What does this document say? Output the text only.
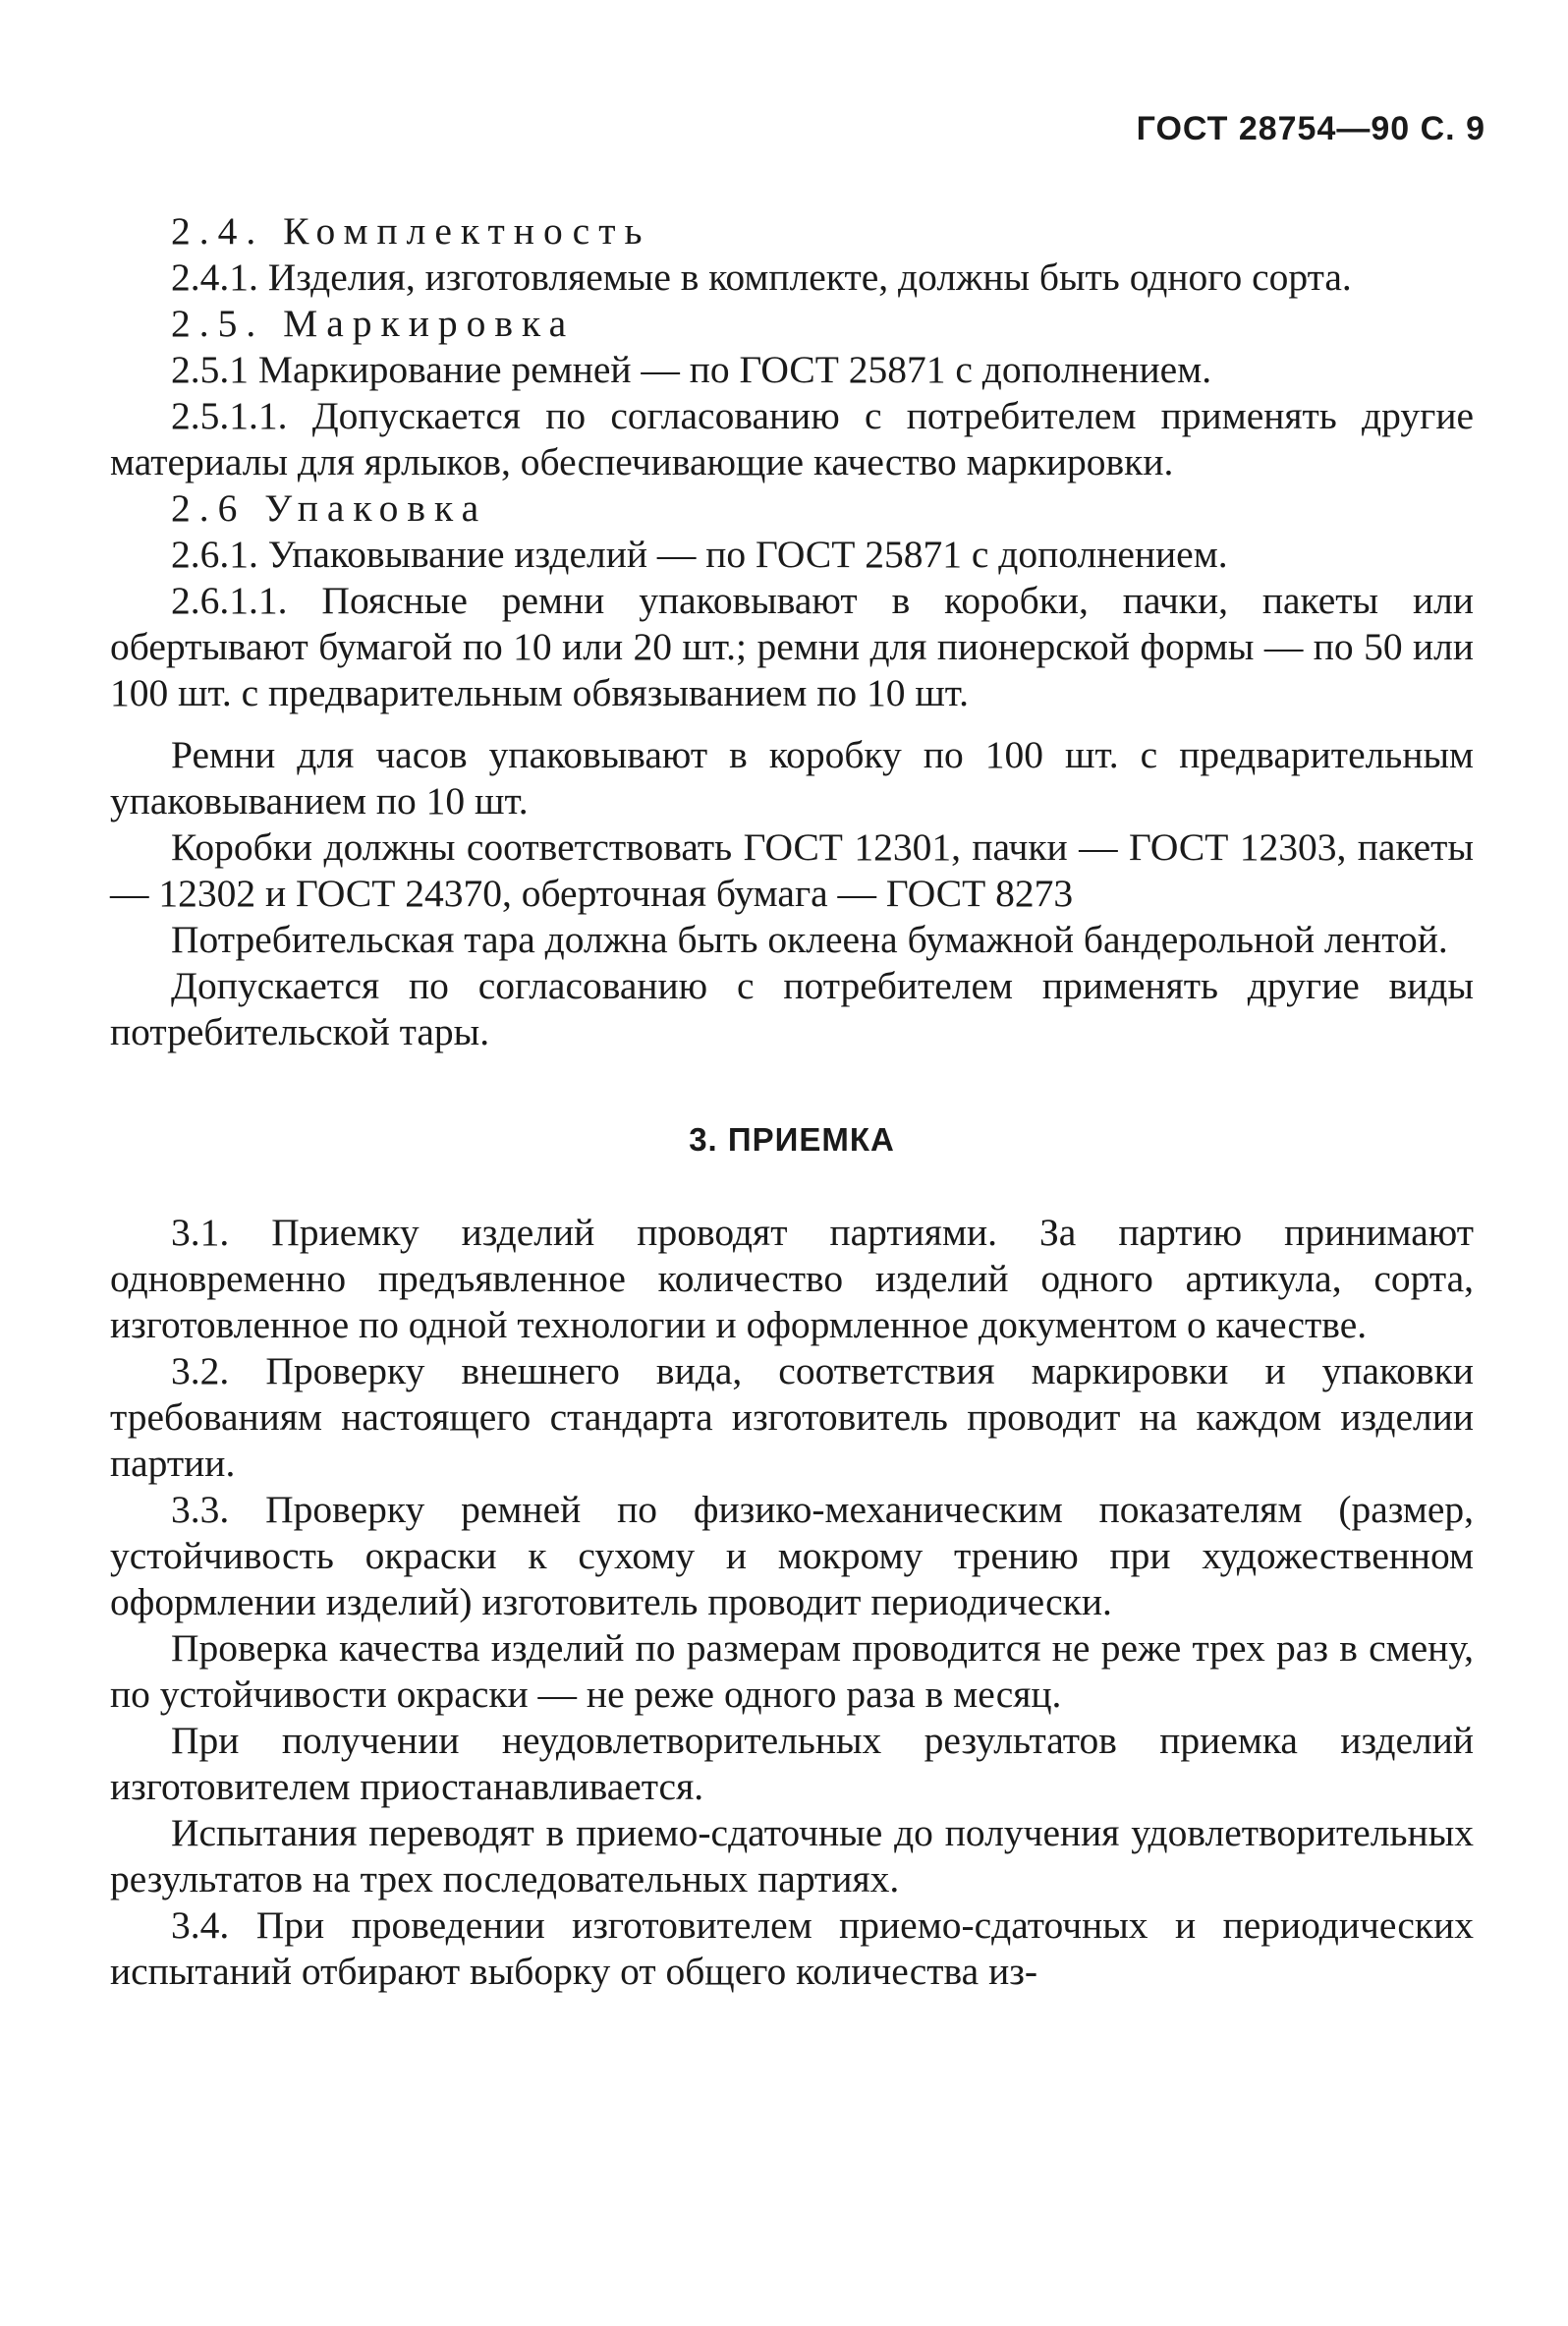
ГОСТ 28754—90 С. 9

2.4. Комплектность

2.4.1. Изделия, изготовляемые в комплекте, должны быть одного сорта.

2.5. Маркировка

2.5.1 Маркирование ремней — по ГОСТ 25871 с дополнением.

2.5.1.1. Допускается по согласованию с потребителем применять другие материалы для ярлыков, обеспечивающие качество маркировки.

2.6 Упаковка

2.6.1. Упаковывание изделий — по ГОСТ 25871 с дополнением.

2.6.1.1. Поясные ремни упаковывают в коробки, пачки, пакеты или обертывают бумагой по 10 или 20 шт.; ремни для пионерской формы — по 50 или 100 шт. с предварительным обвязыванием по 10 шт.

Ремни для часов упаковывают в коробку по 100 шт. с предварительным упаковыванием по 10 шт.

Коробки должны соответствовать ГОСТ 12301, пачки — ГОСТ 12303, пакеты — 12302 и ГОСТ 24370, оберточная бумага — ГОСТ 8273

Потребительская тара должна быть оклеена бумажной бандерольной лентой.

Допускается по согласованию с потребителем применять другие виды потребительской тары.

3. ПРИЕМКА

3.1. Приемку изделий проводят партиями. За партию принимают одновременно предъявленное количество изделий одного артикула, сорта, изготовленное по одной технологии и оформленное документом о качестве.

3.2. Проверку внешнего вида, соответствия маркировки и упаковки требованиям настоящего стандарта изготовитель проводит на каждом изделии партии.

3.3. Проверку ремней по физико-механическим показателям (размер, устойчивость окраски к сухому и мокрому трению при художественном оформлении изделий) изготовитель проводит периодически.

Проверка качества изделий по размерам проводится не реже трех раз в смену, по устойчивости окраски — не реже одного раза в месяц.

При получении неудовлетворительных результатов приемка изделий изготовителем приостанавливается.

Испытания переводят в приемо-сдаточные до получения удовлетворительных результатов на трех последовательных партиях.

3.4. При проведении изготовителем приемо-сдаточных и периодических испытаний отбирают выборку от общего количества из-
